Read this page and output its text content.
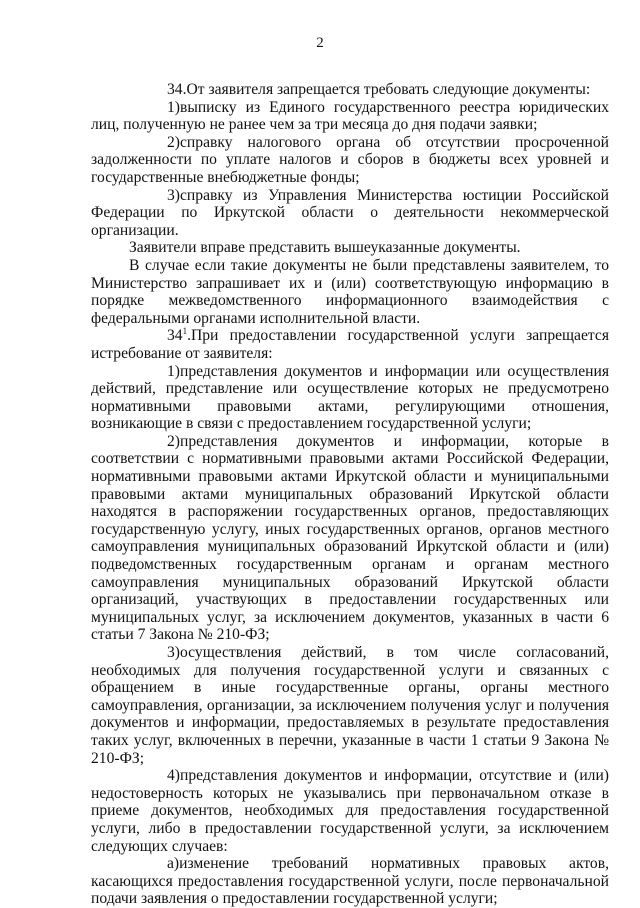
2

34.От заявителя запрещается требовать следующие документы:

1)выписку из Единого государственного реестра юридических лиц, полученную не ранее чем за три месяца до дня подачи заявки;

2)справку налогового органа об отсутствии просроченной задолженности по уплате налогов и сборов в бюджеты всех уровней и государственные внебюджетные фонды;

3)справку из Управления Министерства юстиции Российской Федерации по Иркутской области о деятельности некоммерческой организации.

Заявители вправе представить вышеуказанные документы.

В случае если такие документы не были представлены заявителем, то Министерство запрашивает их и (или) соответствующую информацию в порядке межведомственного информационного взаимодействия с федеральными органами исполнительной власти.

$34^1.При$ предоставлении государственной услуги запрещается истребование от заявителя:

1)представления документов и информации или осуществления действий, представление или осуществление которых не предусмотрено нормативными правовыми актами, регулирующими отношения, возникающие в связи с предоставлением государственной услуги;

2)представления документов и информации, которые в соответствии с нормативными правовыми актами Российской Федерации, нормативными правовыми актами Иркутской области и муниципальными правовыми актами муниципальных образований Иркутской области находятся в распоряжении государственных органов, предоставляющих государственную услугу, иных государственных органов, органов местного самоуправления муниципальных образований Иркутской области и (или) подведомственных государственным органам и органам местного самоуправления муниципальных образований Иркутской области организаций, участвующих в предоставлении государственных или муниципальных услуг, за исключением документов, указанных в части 6 статьи 7 Закона № 210-ФЗ;

3)осуществления действий, в том числе согласований, необходимых для получения государственной услуги и связанных с обращением в иные государственные органы, органы местного самоуправления, организации, за исключением получения услуг и получения документов и информации, предоставляемых в результате предоставления таких услуг, включенных в перечни, указанные в части 1 статьи 9 Закона № 210-ФЗ;

4)представления документов и информации, отсутствие и (или) недостоверность которых не указывались при первоначальном отказе в приеме документов, необходимых для предоставления государственной услуги, либо в предоставлении государственной услуги, за исключением следующих случаев:

а)изменение требований нормативных правовых актов, касающихся предоставления государственной услуги, после первоначальной подачи заявления о предоставлении государственной услуги;
